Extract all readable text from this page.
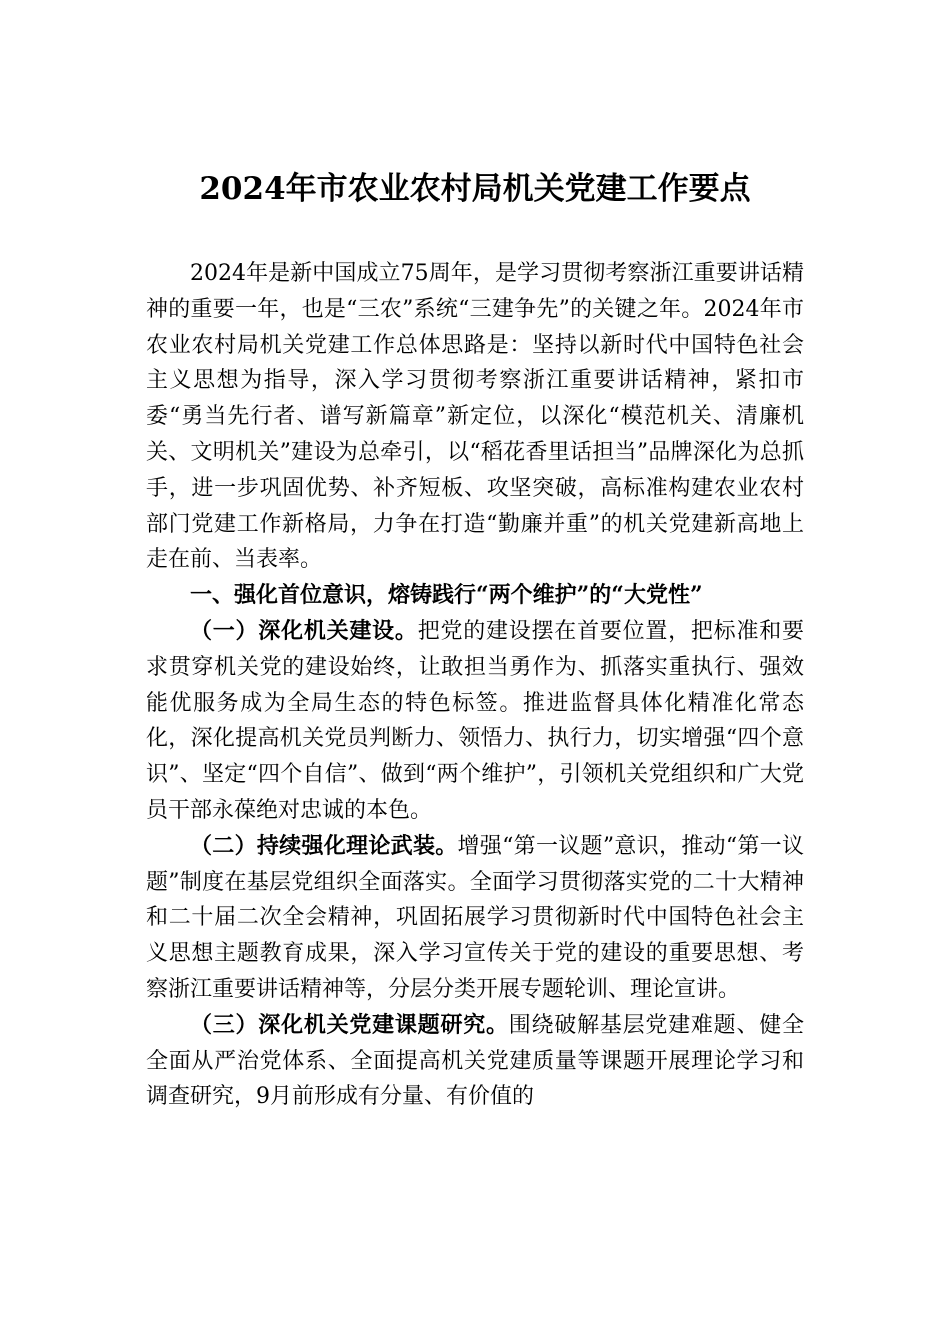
2024年市农业农村局机关党建工作要点

2024年是新中国成立75周年，是学习贯彻考察浙江重要讲话精神的重要一年，也是“三农”系统“三建争先”的关键之年。2024年市农业农村局机关党建工作总体思路是：坚持以新时代中国特色社会主义思想为指导，深入学习贯彻考察浙江重要讲话精神，紧扣市委“勇当先行者、谱写新篇章”新定位，以深化“模范机关、清廉机关、文明机关”建设为总牵引，以“稻花香里话担当”品牌深化为总抓手，进一步巩固优势、补齐短板、攻坚突破，高标准构建农业农村部门党建工作新格局，力争在打造“勤廉并重”的机关党建新高地上走在前、当表率。

一、强化首位意识，熔铸践行“两个维护”的“大党性”

（一）深化机关建设。把党的建设摆在首要位置，把标准和要求贯穿机关党的建设始终，让敢担当勇作为、抓落实重执行、强效能优服务成为全局生态的特色标签。推进监督具体化精准化常态化，深化提高机关党员判断力、领悟力、执行力，切实增强“四个意识”、坚定“四个自信”、做到“两个维护”，引领机关党组织和广大党员干部永葆绝对忠诚的本色。

（二）持续强化理论武装。增强“第一议题”意识，推动“第一议题”制度在基层党组织全面落实。全面学习贯彻落实党的二十大精神和二十届二次全会精神，巩固拓展学习贯彻新时代中国特色社会主义思想主题教育成果，深入学习宣传关于党的建设的重要思想、考察浙江重要讲话精神等，分层分类开展专题轮训、理论宣讲。

（三）深化机关党建课题研究。围绕破解基层党建难题、健全全面从严治党体系、全面提高机关党建质量等课题开展理论学习和调查研究，9月前形成有分量、有价值的
